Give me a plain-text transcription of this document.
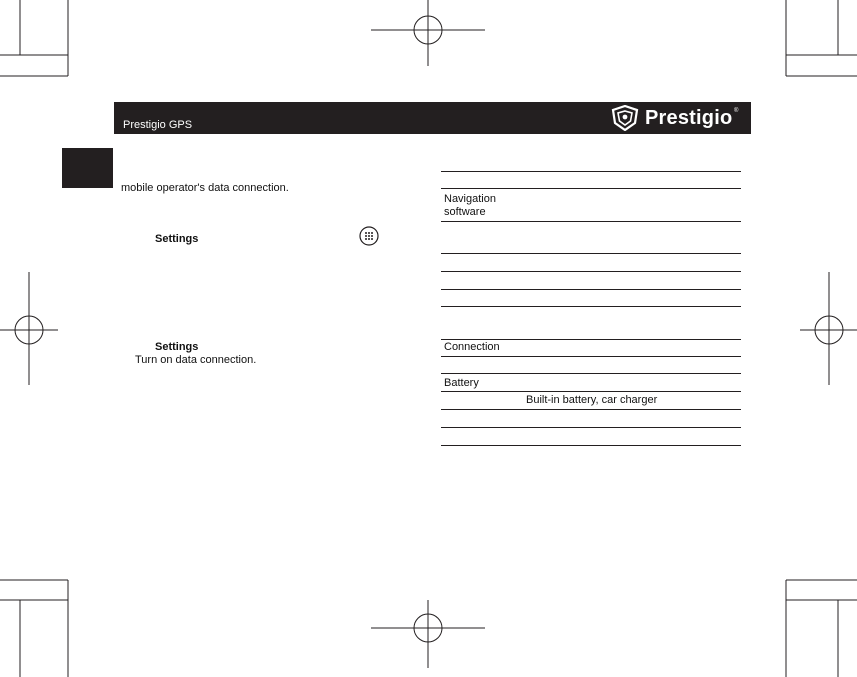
Prestigio GPS	Prestigio ®
mobile operator's data connection.
Settings
Settings
Turn on data connection.
Navigation
software
Connection
Battery
Built-in battery, car charger
